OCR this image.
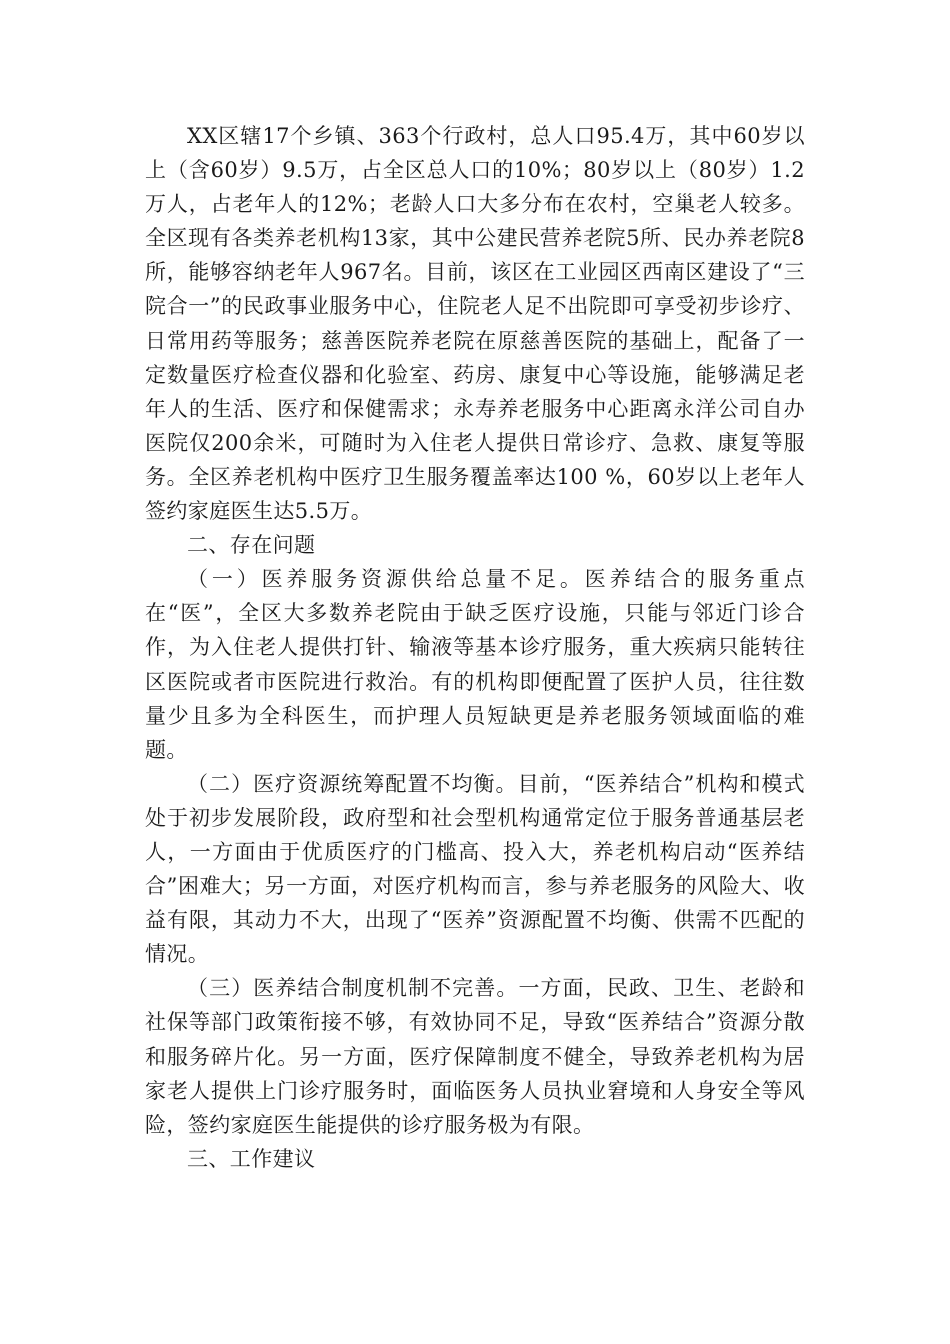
XX区辖17个乡镇、363个行政村，总人口95.4万，其中60岁以上（含60岁）9.5万，占全区总人口的10%；80岁以上（80岁）1.2万人，占老年人的12%；老龄人口大多分布在农村，空巢老人较多。全区现有各类养老机构13家，其中公建民营养老院5所、民办养老院8所，能够容纳老年人967名。目前，该区在工业园区西南区建设了“三院合一”的民政事业服务中心，住院老人足不出院即可享受初步诊疗、日常用药等服务；慈善医院养老院在原慈善医院的基础上，配备了一定数量医疗检查仪器和化验室、药房、康复中心等设施，能够满足老年人的生活、医疗和保健需求；永寿养老服务中心距离永洋公司自办医院仅200余米，可随时为入住老人提供日常诊疗、急救、康复等服务。全区养老机构中医疗卫生服务覆盖率达100 %，60岁以上老年人签约家庭医生达5.5万。

二、存在问题

（一）医养服务资源供给总量不足。医养结合的服务重点在“医”，全区大多数养老院由于缺乏医疗设施，只能与邻近门诊合作，为入住老人提供打针、输液等基本诊疗服务，重大疾病只能转往区医院或者市医院进行救治。有的机构即便配置了医护人员，往往数量少且多为全科医生，而护理人员短缺更是养老服务领域面临的难题。

（二）医疗资源统筹配置不均衡。目前，“医养结合”机构和模式处于初步发展阶段，政府型和社会型机构通常定位于服务普通基层老人，一方面由于优质医疗的门槛高、投入大，养老机构启动“医养结合”困难大；另一方面，对医疗机构而言，参与养老服务的风险大、收益有限，其动力不大，出现了“医养”资源配置不均衡、供需不匹配的情况。

（三）医养结合制度机制不完善。一方面，民政、卫生、老龄和社保等部门政策衔接不够，有效协同不足，导致“医养结合”资源分散和服务碎片化。另一方面，医疗保障制度不健全，导致养老机构为居家老人提供上门诊疗服务时，面临医务人员执业窘境和人身安全等风险，签约家庭医生能提供的诊疗服务极为有限。

三、工作建议
